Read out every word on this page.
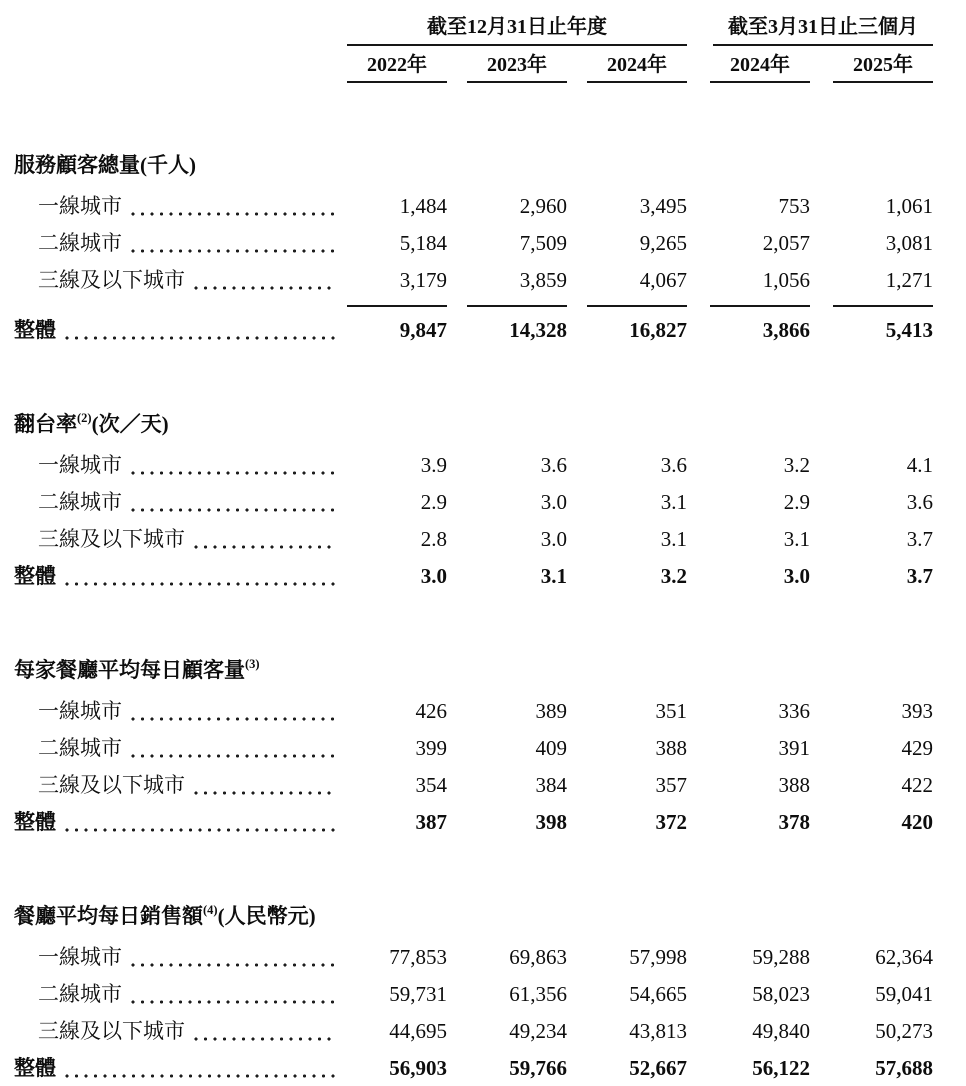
截至12月31日止年度	截至3月31日止三個月
2022年	2023年	2024年	2024年	2025年
服務顧客總量(千人)
一線城市	1,484	2,960	3,495	753	1,061
二線城市	5,184	7,509	9,265	2,057	3,081
三線及以下城市	3,179	3,859	4,067	1,056	1,271
整體	9,847	14,328	16,827	3,866	5,413
翻台率$^{(2)}$(次／天)
一線城市	3.9	3.6	3.6	3.2	4.1
二線城市	2.9	3.0	3.1	2.9	3.6
三線及以下城市	2.8	3.0	3.1	3.1	3.7
整體	3.0	3.1	3.2	3.0	3.7
每家餐廳平均每日顧客量$^{(3)}$
一線城市	426	389	351	336	393
二線城市	399	409	388	391	429
三線及以下城市	354	384	357	388	422
整體	387	398	372	378	420
餐廳平均每日銷售額$^{(4)}$(人民幣元)
一線城市	77,853	69,863	57,998	59,288	62,364
二線城市	59,731	61,356	54,665	58,023	59,041
三線及以下城市	44,695	49,234	43,813	49,840	50,273
整體	56,903	59,766	52,667	56,122	57,688
